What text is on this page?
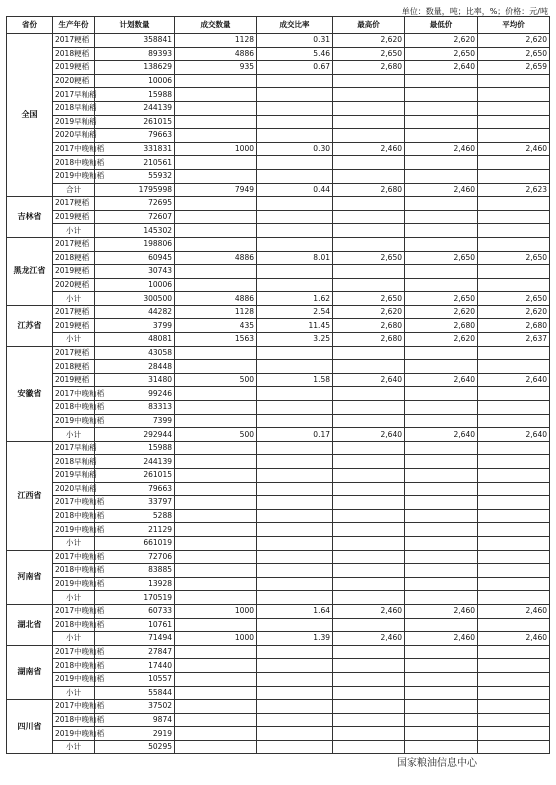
单位：数量，吨；比率，%；价格：元/吨
省份	生产年份	计划数量	成交数量	成交比率	最高价	最低价	平均价
全国	2017粳稻	358841	1128	0.31	2,620	2,620	2,620
	2018粳稻	89393	4886	5.46	2,650	2,650	2,650
	2019粳稻	138629	935	0.67	2,680	2,640	2,659
	2020粳稻	10006					
	2017早籼稻	15988					
	2018早籼稻	244139					
	2019早籼稻	261015					
	2020早籼稻	79663					
	2017中晚籼稻	331831	1000	0.30	2,460	2,460	2,460
	2018中晚籼稻	210561					
	2019中晚籼稻	55932					
	合计	1795998	7949	0.44	2,680	2,460	2,623
吉林省	2017粳稻	72695					
	2019粳稻	72607					
	小计	145302					
黑龙江省	2017粳稻	198806					
	2018粳稻	60945	4886	8.01	2,650	2,650	2,650
	2019粳稻	30743					
	2020粳稻	10006					
	小计	300500	4886	1.62	2,650	2,650	2,650
江苏省	2017粳稻	44282	1128	2.54	2,620	2,620	2,620
	2019粳稻	3799	435	11.45	2,680	2,680	2,680
	小计	48081	1563	3.25	2,680	2,620	2,637
安徽省	2017粳稻	43058					
	2018粳稻	28448					
	2019粳稻	31480	500	1.58	2,640	2,640	2,640
	2017中晚籼稻	99246					
	2018中晚籼稻	83313					
	2019中晚籼稻	7399					
	小计	292944	500	0.17	2,640	2,640	2,640
江西省	2017早籼稻	15988					
	2018早籼稻	244139					
	2019早籼稻	261015					
	2020早籼稻	79663					
	2017中晚籼稻	33797					
	2018中晚籼稻	5288					
	2019中晚籼稻	21129					
	小计	661019					
河南省	2017中晚籼稻	72706					
	2018中晚籼稻	83885					
	2019中晚籼稻	13928					
	小计	170519					
湖北省	2017中晚籼稻	60733	1000	1.64	2,460	2,460	2,460
	2018中晚籼稻	10761					
	小计	71494	1000	1.39	2,460	2,460	2,460
湖南省	2017中晚籼稻	27847					
	2018中晚籼稻	17440					
	2019中晚籼稻	10557					
	小计	55844					
四川省	2017中晚籼稻	37502					
	2018中晚籼稻	9874					
	2019中晚籼稻	2919					
	小计	50295					
国家粮油信息中心
